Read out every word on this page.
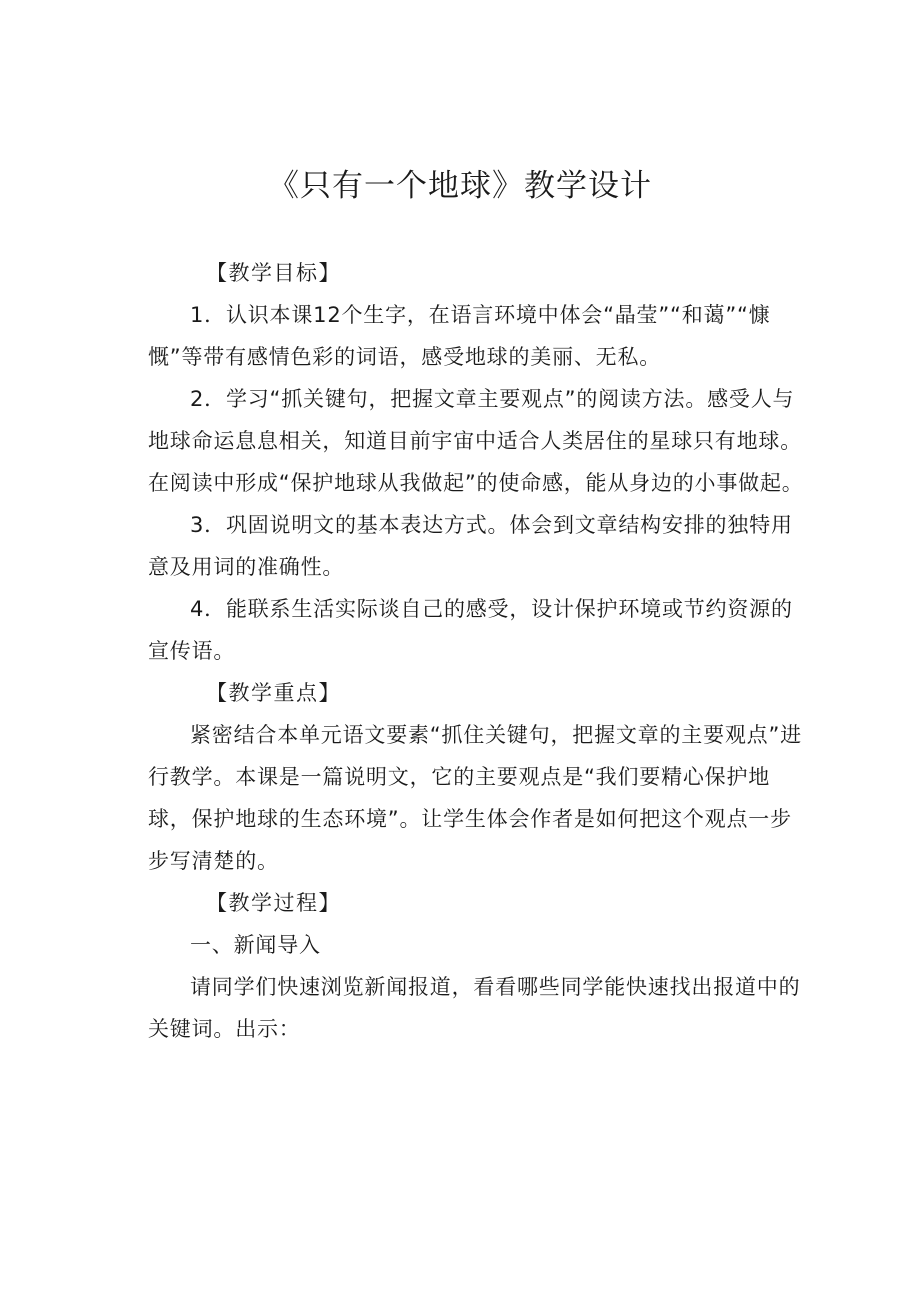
《只有一个地球》教学设计

【教学目标】

1．认识本课12个生字，在语言环境中体会“晶莹”“和蔼”“慷慨”等带有感情色彩的词语，感受地球的美丽、无私。

2．学习“抓关键句，把握文章主要观点”的阅读方法。感受人与地球命运息息相关，知道目前宇宙中适合人类居住的星球只有地球。在阅读中形成“保护地球从我做起”的使命感，能从身边的小事做起。

3．巩固说明文的基本表达方式。体会到文章结构安排的独特用意及用词的准确性。

4．能联系生活实际谈自己的感受，设计保护环境或节约资源的宣传语。

【教学重点】

紧密结合本单元语文要素“抓住关键句，把握文章的主要观点”进行教学。本课是一篇说明文，它的主要观点是“我们要精心保护地球，保护地球的生态环境”。让学生体会作者是如何把这个观点一步步写清楚的。

【教学过程】

一、新闻导入

请同学们快速浏览新闻报道，看看哪些同学能快速找出报道中的关键词。出示：
